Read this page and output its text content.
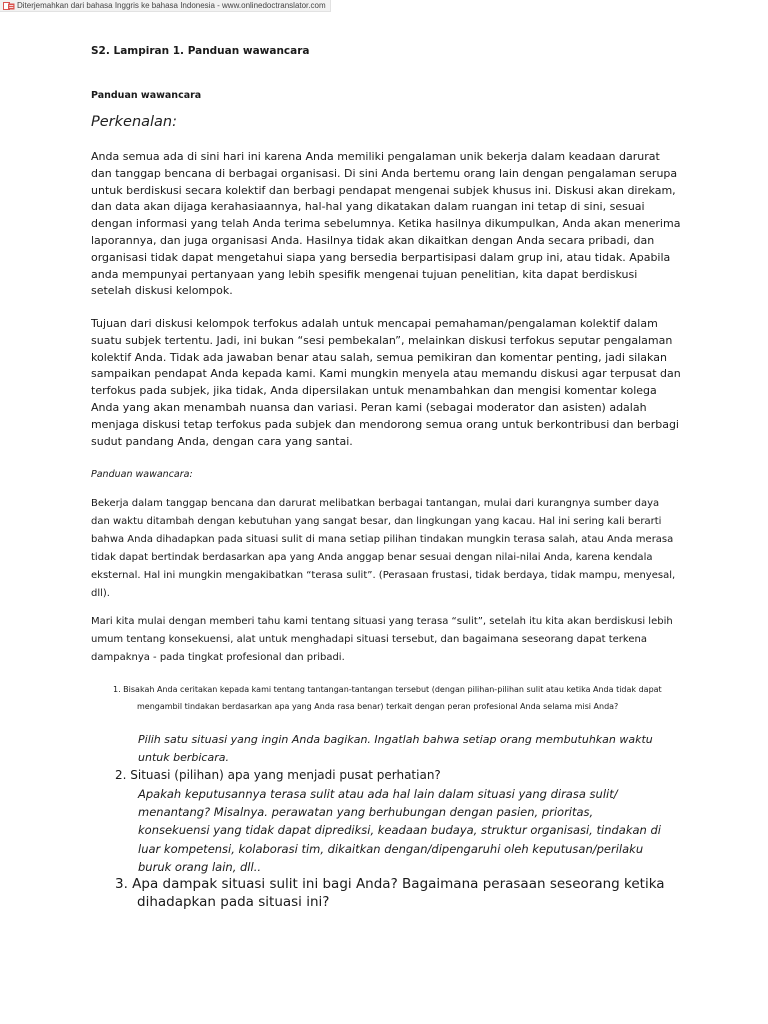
Diterjemahkan dari bahasa Inggris ke bahasa Indonesia - www.onlinedoctranslator.com

S2. Lampiran 1. Panduan wawancara

Panduan wawancara

Perkenalan:

Anda semua ada di sini hari ini karena Anda memiliki pengalaman unik bekerja dalam keadaan darurat dan tanggap bencana di berbagai organisasi. Di sini Anda bertemu orang lain dengan pengalaman serupa untuk berdiskusi secara kolektif dan berbagi pendapat mengenai subjek khusus ini. Diskusi akan direkam, dan data akan dijaga kerahasiaannya, hal-hal yang dikatakan dalam ruangan ini tetap di sini, sesuai dengan informasi yang telah Anda terima sebelumnya. Ketika hasilnya dikumpulkan, Anda akan menerima laporannya, dan juga organisasi Anda. Hasilnya tidak akan dikaitkan dengan Anda secara pribadi, dan organisasi tidak dapat mengetahui siapa yang bersedia berpartisipasi dalam grup ini, atau tidak. Apabila anda mempunyai pertanyaan yang lebih spesifik mengenai tujuan penelitian, kita dapat berdiskusi setelah diskusi kelompok.

Tujuan dari diskusi kelompok terfokus adalah untuk mencapai pemahaman/pengalaman kolektif dalam suatu subjek tertentu. Jadi, ini bukan “sesi pembekalan”, melainkan diskusi terfokus seputar pengalaman kolektif Anda. Tidak ada jawaban benar atau salah, semua pemikiran dan komentar penting, jadi silakan sampaikan pendapat Anda kepada kami. Kami mungkin menyela atau memandu diskusi agar terpusat dan terfokus pada subjek, jika tidak, Anda dipersilakan untuk menambahkan dan mengisi komentar kolega Anda yang akan menambah nuansa dan variasi. Peran kami (sebagai moderator dan asisten) adalah menjaga diskusi tetap terfokus pada subjek dan mendorong semua orang untuk berkontribusi dan berbagi sudut pandang Anda, dengan cara yang santai.

Panduan wawancara:

Bekerja dalam tanggap bencana dan darurat melibatkan berbagai tantangan, mulai dari kurangnya sumber daya dan waktu ditambah dengan kebutuhan yang sangat besar, dan lingkungan yang kacau. Hal ini sering kali berarti bahwa Anda dihadapkan pada situasi sulit di mana setiap pilihan tindakan mungkin terasa salah, atau Anda merasa tidak dapat bertindak berdasarkan apa yang Anda anggap benar sesuai dengan nilai-nilai Anda, karena kendala eksternal. Hal ini mungkin mengakibatkan “terasa sulit”. (Perasaan frustasi, tidak berdaya, tidak mampu, menyesal, dll).

Mari kita mulai dengan memberi tahu kami tentang situasi yang terasa “sulit”, setelah itu kita akan berdiskusi lebih umum tentang konsekuensi, alat untuk menghadapi situasi tersebut, dan bagaimana seseorang dapat terkena dampaknya - pada tingkat profesional dan pribadi.

1. Bisakah Anda ceritakan kepada kami tentang tantangan-tantangan tersebut (dengan pilihan-pilihan sulit atau ketika Anda tidak dapat mengambil tindakan berdasarkan apa yang Anda rasa benar) terkait dengan peran profesional Anda selama misi Anda?

Pilih satu situasi yang ingin Anda bagikan. Ingatlah bahwa setiap orang membutuhkan waktu untuk berbicara.

2. Situasi (pilihan) apa yang menjadi pusat perhatian?

Apakah keputusannya terasa sulit atau ada hal lain dalam situasi yang dirasa sulit/ menantang? Misalnya. perawatan yang berhubungan dengan pasien, prioritas, konsekuensi yang tidak dapat diprediksi, keadaan budaya, struktur organisasi, tindakan di luar kompetensi, kolaborasi tim, dikaitkan dengan/dipengaruhi oleh keputusan/perilaku buruk orang lain, dll..

3. Apa dampak situasi sulit ini bagi Anda? Bagaimana perasaan seseorang ketika dihadapkan pada situasi ini?
